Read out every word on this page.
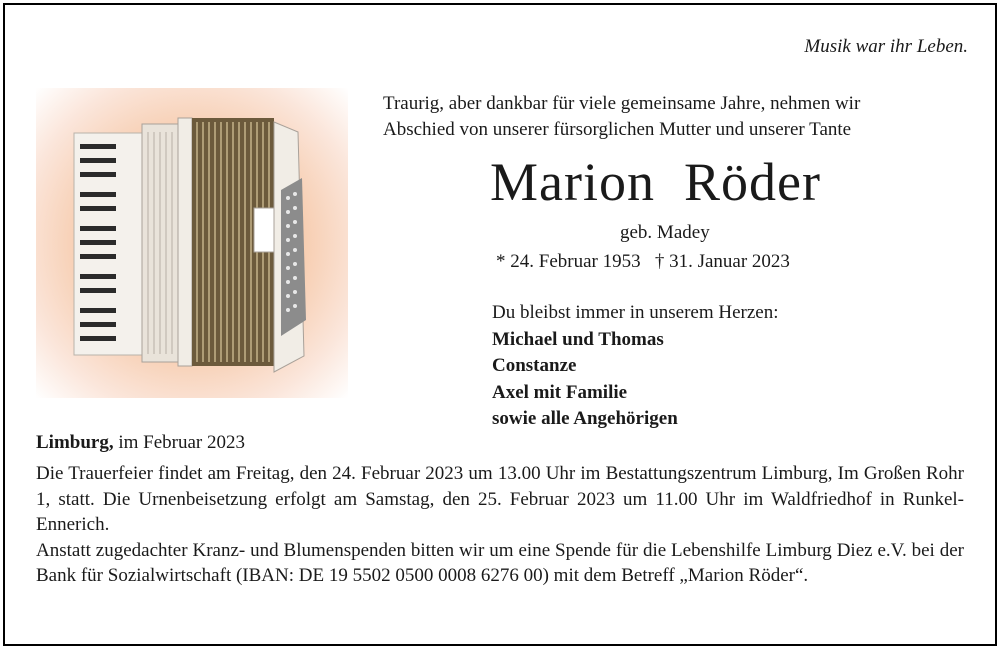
Musik war ihr Leben.

Traurig, aber dankbar für viele gemeinsame Jahre, nehmen wir

Abschied von unserer fürsorglichen Mutter und unserer Tante

Marion  Röder
geb. Madey
* 24. Februar 1953   † 31. Januar 2023
Du bleibst immer in unserem Herzen:
Michael und Thomas
Constanze
Axel mit Familie
sowie alle Angehörigen
Limburg, im Februar 2023

Die Trauerfeier findet am Freitag, den 24. Februar 2023 um 13.00 Uhr im Bestattungszentrum Limburg, Im Großen Rohr 1, statt. Die Urnenbeisetzung erfolgt am Samstag, den 25. Februar 2023 um 11.00 Uhr im Waldfriedhof in Runkel-Ennerich.

Anstatt zugedachter Kranz- und Blumenspenden bitten wir um eine Spende für die Lebenshilfe Limburg Diez e.V. bei der Bank für Sozialwirtschaft (IBAN: DE 19 5502 0500 0008 6276 00) mit dem Betreff „Marion Röder“.
